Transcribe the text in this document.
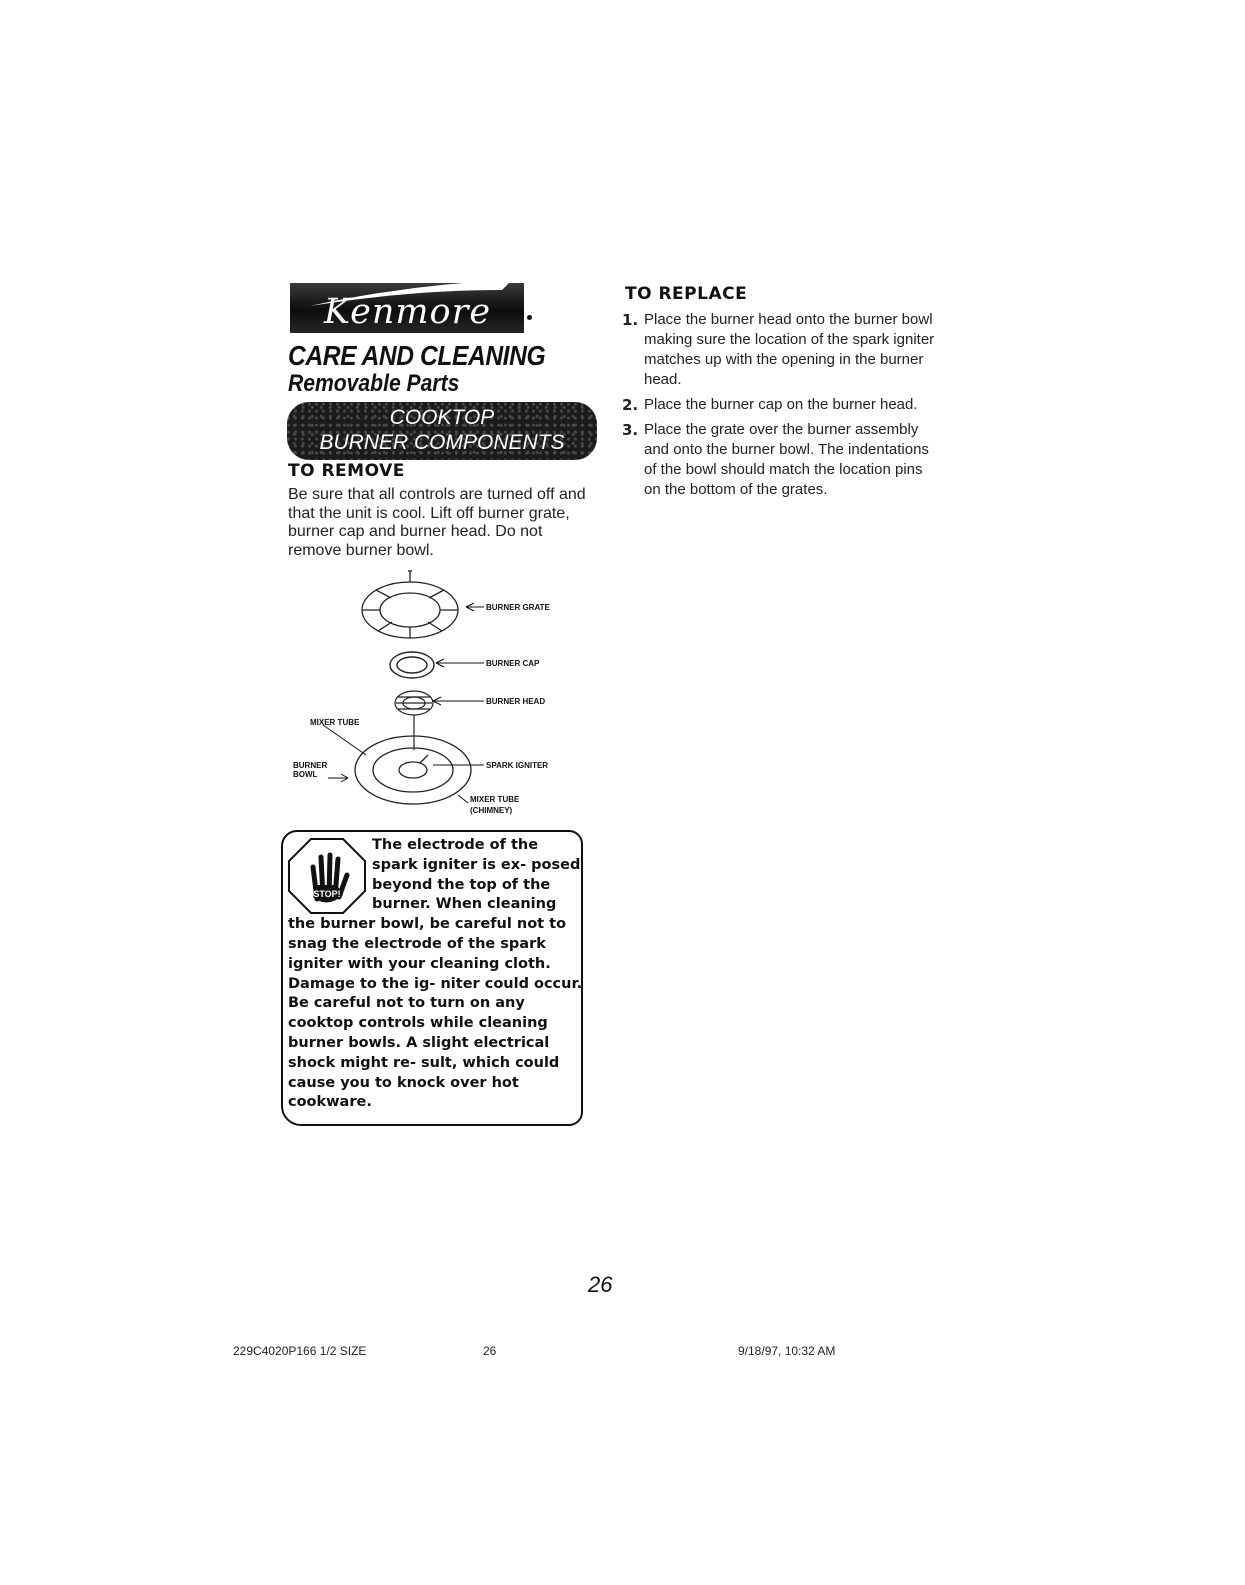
Kenmore
CARE AND CLEANING
Removable Parts
COOKTOP
BURNER COMPONENTS
TO REMOVE
Be sure that all controls are turned off and that the unit is cool. Lift off burner grate, burner cap and burner head. Do not remove burner bowl.
BURNER GRATE
BURNER CAP
BURNER HEAD
MIXER TUBE
BURNER
BOWL
SPARK IGNITER
MIXER TUBE
(CHIMNEY)
STOP!
The electrode of the spark igniter is ex- posed beyond the top of the burner. When cleaning the burner bowl, be careful not to snag the electrode of the spark igniter with your cleaning cloth. Damage to the ig- niter could occur. Be careful not to turn on any cooktop controls while cleaning burner bowls. A slight electrical shock might re- sult, which could cause you to knock over hot cookware.
TO REPLACE
1. Place the burner head onto the burner bowl making sure the location of the spark igniter matches up with the opening in the burner head.
2. Place the burner cap on the burner head.
3. Place the grate over the burner assembly and onto the burner bowl. The indentations of the bowl should match the location pins on the bottom of the grates.
26
229C4020P166 1/2 SIZE	26	9/18/97, 10:32 AM
